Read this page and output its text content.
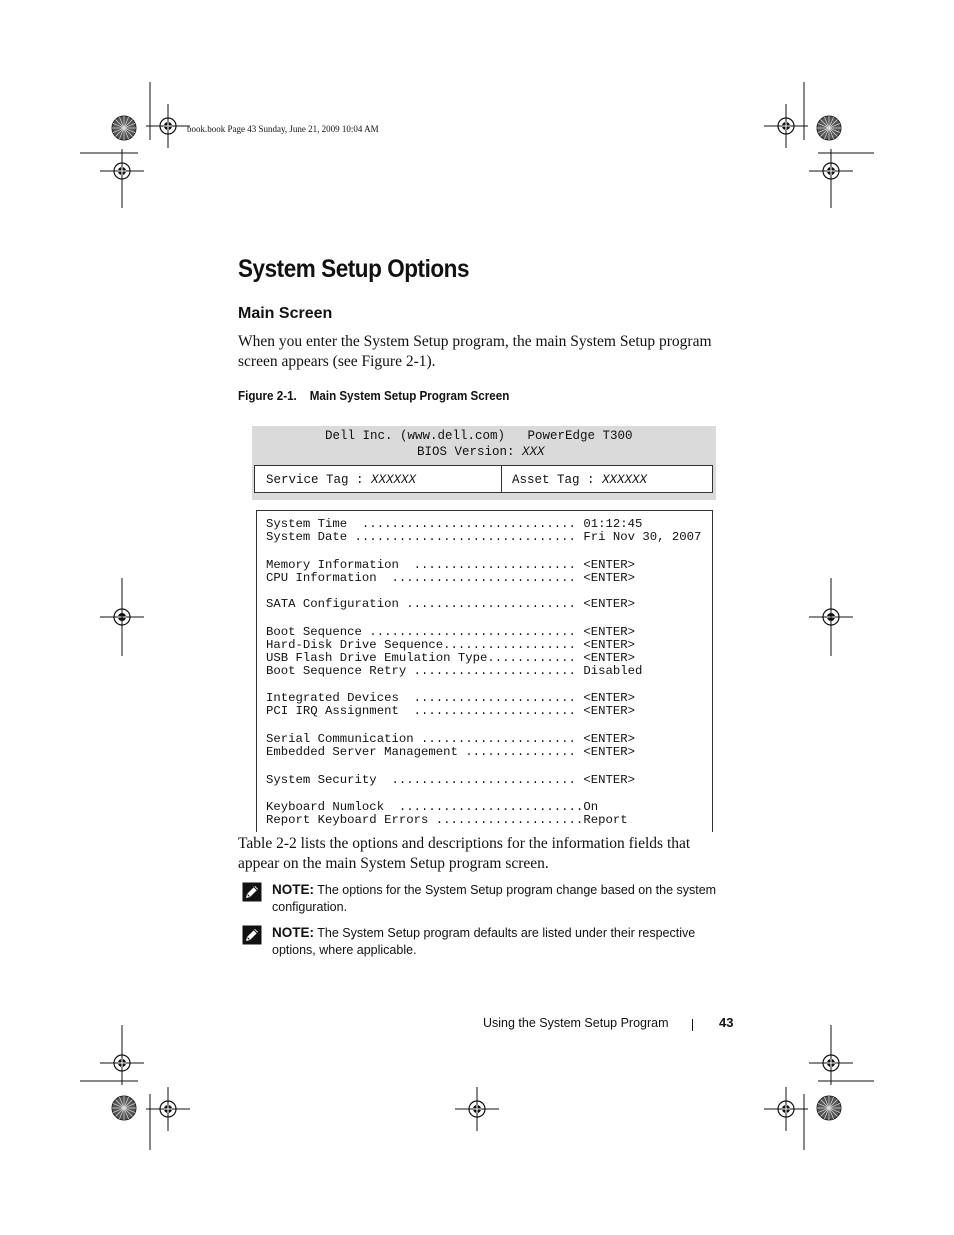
book.book Page 43 Sunday, June 21, 2009 10:04 AM
System Setup Options
Main Screen
When you enter the System Setup program, the main System Setup program
screen appears (see Figure 2-1).
Figure 2-1.    Main System Setup Program Screen
Dell Inc. (www.dell.com)   PowerEdge T300
BIOS Version: XXX
Service Tag : XXXXXX	Asset Tag : XXXXXX
System Time  ............................. 01:12:45
System Date .............................. Fri Nov 30, 2007
Memory Information  ...................... <ENTER>
CPU Information  ......................... <ENTER>
SATA Configuration ....................... <ENTER>
Boot Sequence ............................ <ENTER>
Hard-Disk Drive Sequence.................. <ENTER>
USB Flash Drive Emulation Type............ <ENTER>
Boot Sequence Retry ...................... Disabled
Integrated Devices  ...................... <ENTER>
PCI IRQ Assignment  ...................... <ENTER>
Serial Communication ..................... <ENTER>
Embedded Server Management ............... <ENTER>
System Security  ......................... <ENTER>
Keyboard Numlock  .........................On
Report Keyboard Errors ....................Report
Table 2-2 lists the options and descriptions for the information fields that
appear on the main System Setup program screen.
NOTE: The options for the System Setup program change based on the system
configuration.
NOTE: The System Setup program defaults are listed under their respective
options, where applicable.
Using the System Setup Program	43
